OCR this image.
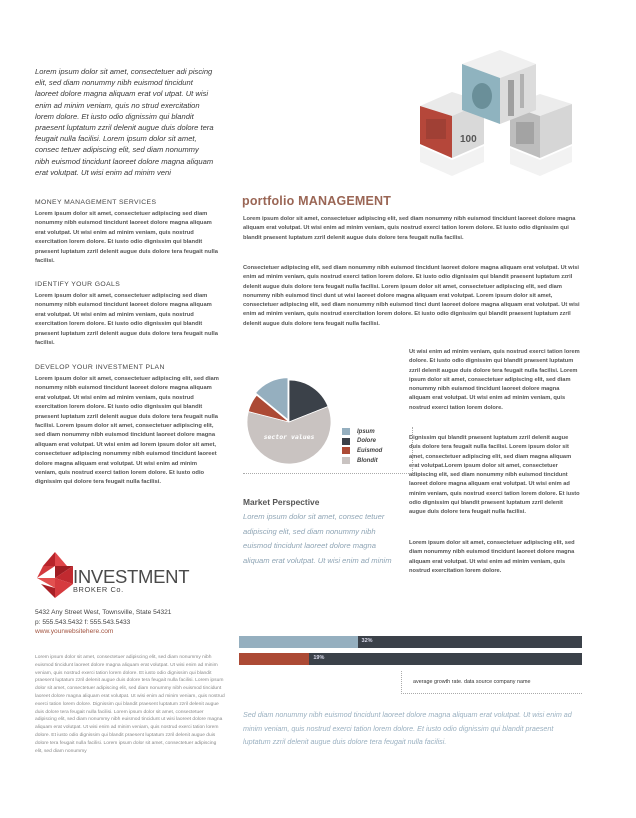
Lorem ipsum dolor sit amet, consectetuer adi piscing elit, sed diam nonummy nibh euismod tincidunt laoreet dolore magna aliquam erat vol utpat. Ut wisi enim ad minim veniam, quis no strud exercitation lorem dolore. Et iusto odio dignissim qui blandit praesent luptatum zzril delenit augue duis dolore tera feugait nulla facilisi. Lorem ipsum dolor sit amet, consec tetuer adipiscing elit, sed diam nonummy nibh euismod tincidunt laoreet dolore magna aliquam erat volutpat. Ut wisi enim ad minim veni

MONEY MANAGEMENT SERVICES

Lorem ipsum dolor sit amet, consectetuer adipiscing sed diam nonummy nibh euismod tincidunt laoreet dolore magna aliquam erat volutpat. Ut wisi enim ad minim veniam, quis nostrud exercitation lorem dolore. Et iusto odio dignissim qui blandit praesent luptatum zzril delenit augue duis dolore tera feugait nulla facilisi.

IDENTIFY YOUR GOALS

Lorem ipsum dolor sit amet, consectetuer adipiscing sed diam nonummy nibh euismod tincidunt laoreet dolore magna aliquam erat volutpat. Ut wisi enim ad minim veniam, quis nostrud exercitation lorem dolore. Et iusto odio dignissim qui blandit praesent luptatum zzril delenit augue duis dolore tera feugait nulla facilisi.

DEVELOP YOUR INVESTMENT PLAN

Lorem ipsum dolor sit amet, consectetuer adipiscing elit, sed diam nonummy nibh euismod tincidunt laoreet dolore magna aliquam erat volutpat. Ut wisi enim ad minim veniam, quis nostrud exercitation lorem dolore. Et iusto odio dignissim qui blandit praesent luptatum zzril delenit augue duis dolore tera feugait nulla facilisi. Lorem ipsum dolor sit amet, consectetuer adipiscing elit, sed diam nonummy nibh euismod tincidunt laoreet dolore magna aliquam erat volutpat. Ut wisi enim ad lorem ipsum dolor sit amet, consectetuer adipiscing nonummy nibh euismod tincidunt laoreet dolore magna aliquam erat volutpat. Ut wisi enim ad minim veniam, quis nostrud exerci tation lorem dolore. Et iusto odio dignissim qui dolore tera feugait nulla facilisi.

INVESTMENT
BROKER Co.
5432 Any Street West, Townsville, State 54321
p: 555.543.5432 f: 555.543.5433
www.yourwebsitehere.com

Lorem ipsum dolor sit amet, consectetuer adipiscing elit, sed diam nonummy nibh euismod tincidunt laoreet dolore magna aliquam erat volutpat. Ut wisi enim ad minim veniam, quis nostrud exerci tation lorem dolore. Et iusto odio dignissim qui blandit praesent luptatum zzril delenit augue duis dolore tera feugait nulla facilisi. Lorem ipsum dolor sit amet, consectetuer adipiscing elit, sed diam nonummy nibh euismod tincidunt laoreet dolore magna aliquam erat volutpat. Ut wisi enim ad minim veniam, quis nostrud exerci tation lorem dolore. Dignissim qui blandit praesent luptatum zzril delenit augue duis dolore tera feugait nulla facilisi. Lorem ipsum dolor sit amet, consectetuer adipiscing elit, sed diam nonummy nibh euismod tincidunt ut wisi laoreet dolore magna aliquam erat volutpat. Ut wisi enim ad minim veniam, quis nostrud exerci tation lorem dolore. Et iusto odio dignissim qui blandit praesent luptatum zzril delenit augue duis dolore tera feugait nulla facilisi. Lorem ipsum dolor sit amet, consectetuer adipiscing elit, sed diam nonummy

100
portfolio MANAGEMENT

Lorem ipsum dolor sit amet, consectetuer adipiscing elit, sed diam nonummy nibh euismod tincidunt laoreet dolore magna aliquam erat volutpat. Ut wisi enim ad minim veniam, quis nostrud exerci tation lorem dolore. Et iusto odio dignissim qui blandit praesent luptatum zzril delenit augue duis dolore tera feugait nulla facilisi.

Consectetuer adipiscing elit, sed diam nonummy nibh euismod tincidunt laoreet dolore magna aliquam erat volutpat. Ut wisi enim ad minim veniam, quis nostrud exerci tation lorem dolore. Et iusto odio dignissim qui blandit praesent luptatum zzril delenit augue duis dolore tera feugait nulla facilisi. Lorem ipsum dolor sit amet, consectetuer adipiscing elit, sed diam nonummy nibh euismod tinci dunt ut wisi laoreet dolore magna aliquam erat volutpat. Lorem ipsum dolor sit amet, consectetuer adipiscing elit, sed diam nonummy nibh euismod tinci dunt laoreet dolore magna aliquam erat volutpat. Ut wisi enim ad minim veniam, quis nostrud exercitation lorem dolore. Et iusto odio dignissim qui blandit praesent luptatum zzril delenit augue duis dolore tera feugait nulla facilisi.

Ut wisi enim ad minim veniam, quis nostrud exerci tation lorem dolore. Et iusto odio dignissim qui blandit praesent luptatum zzril delenit augue duis dolore tera feugait nulla facilisi. Lorem ipsum dolor sit amet, consectetuer adipiscing elit, sed diam nonummy nibh euismod tincidunt laoreet dolore magna aliquam erat volutpat. Ut wisi enim ad minim veniam, quis nostrud exerci tation lorem dolore.

Dignissim qui blandit praesent luptatum zzril delenit augue duis dolore tera feugait nulla facilisi. Lorem ipsum dolor sit amet, consectetuer adipiscing elit, sed diam magna aliquam erat volutpat.Lorem ipsum dolor sit amet, consectetuer adipiscing elit, sed diam nonummy nibh euismod tincidunt laoreet dolore magna aliquam erat volutpat. Ut wisi enim ad minim veniam, quis nostrud exerci tation lorem dolore. Et iusto odio dignissim qui blandit praesent luptatum zzril delenit augue duis dolore tera feugait nulla facilisi.

Lorem ipsum dolor sit amet, consectetuer adipiscing elit, sed diam nonummy nibh euismod tincidunt laoreet dolore magna aliquam erat volutpat. Ut wisi enim ad minim veniam, quis nostrud exercitation lorem dolore.

sector values
Ipsum
Dolore
Euismod
Blondit
Market Perspective

Lorem ipsum dolor sit amet, consec tetuer adipiscing elit, sed diam nonummy nibh euismod tincidunt laoreet dolore magna aliquam erat volutpat. Ut wisi enim ad minim

32%
19%
average growth rate. data source company name

Sed diam nonummy nibh euismod tincidunt laoreet dolore magna aliquam erat volutpat. Ut wisi enim ad minim veniam, quis nostrud exerci tation lorem dolore. Et iusto odio dignissim qui blandit praesent luptatum zzril delenit augue duis dolore tera feugait nulla facilisi.
